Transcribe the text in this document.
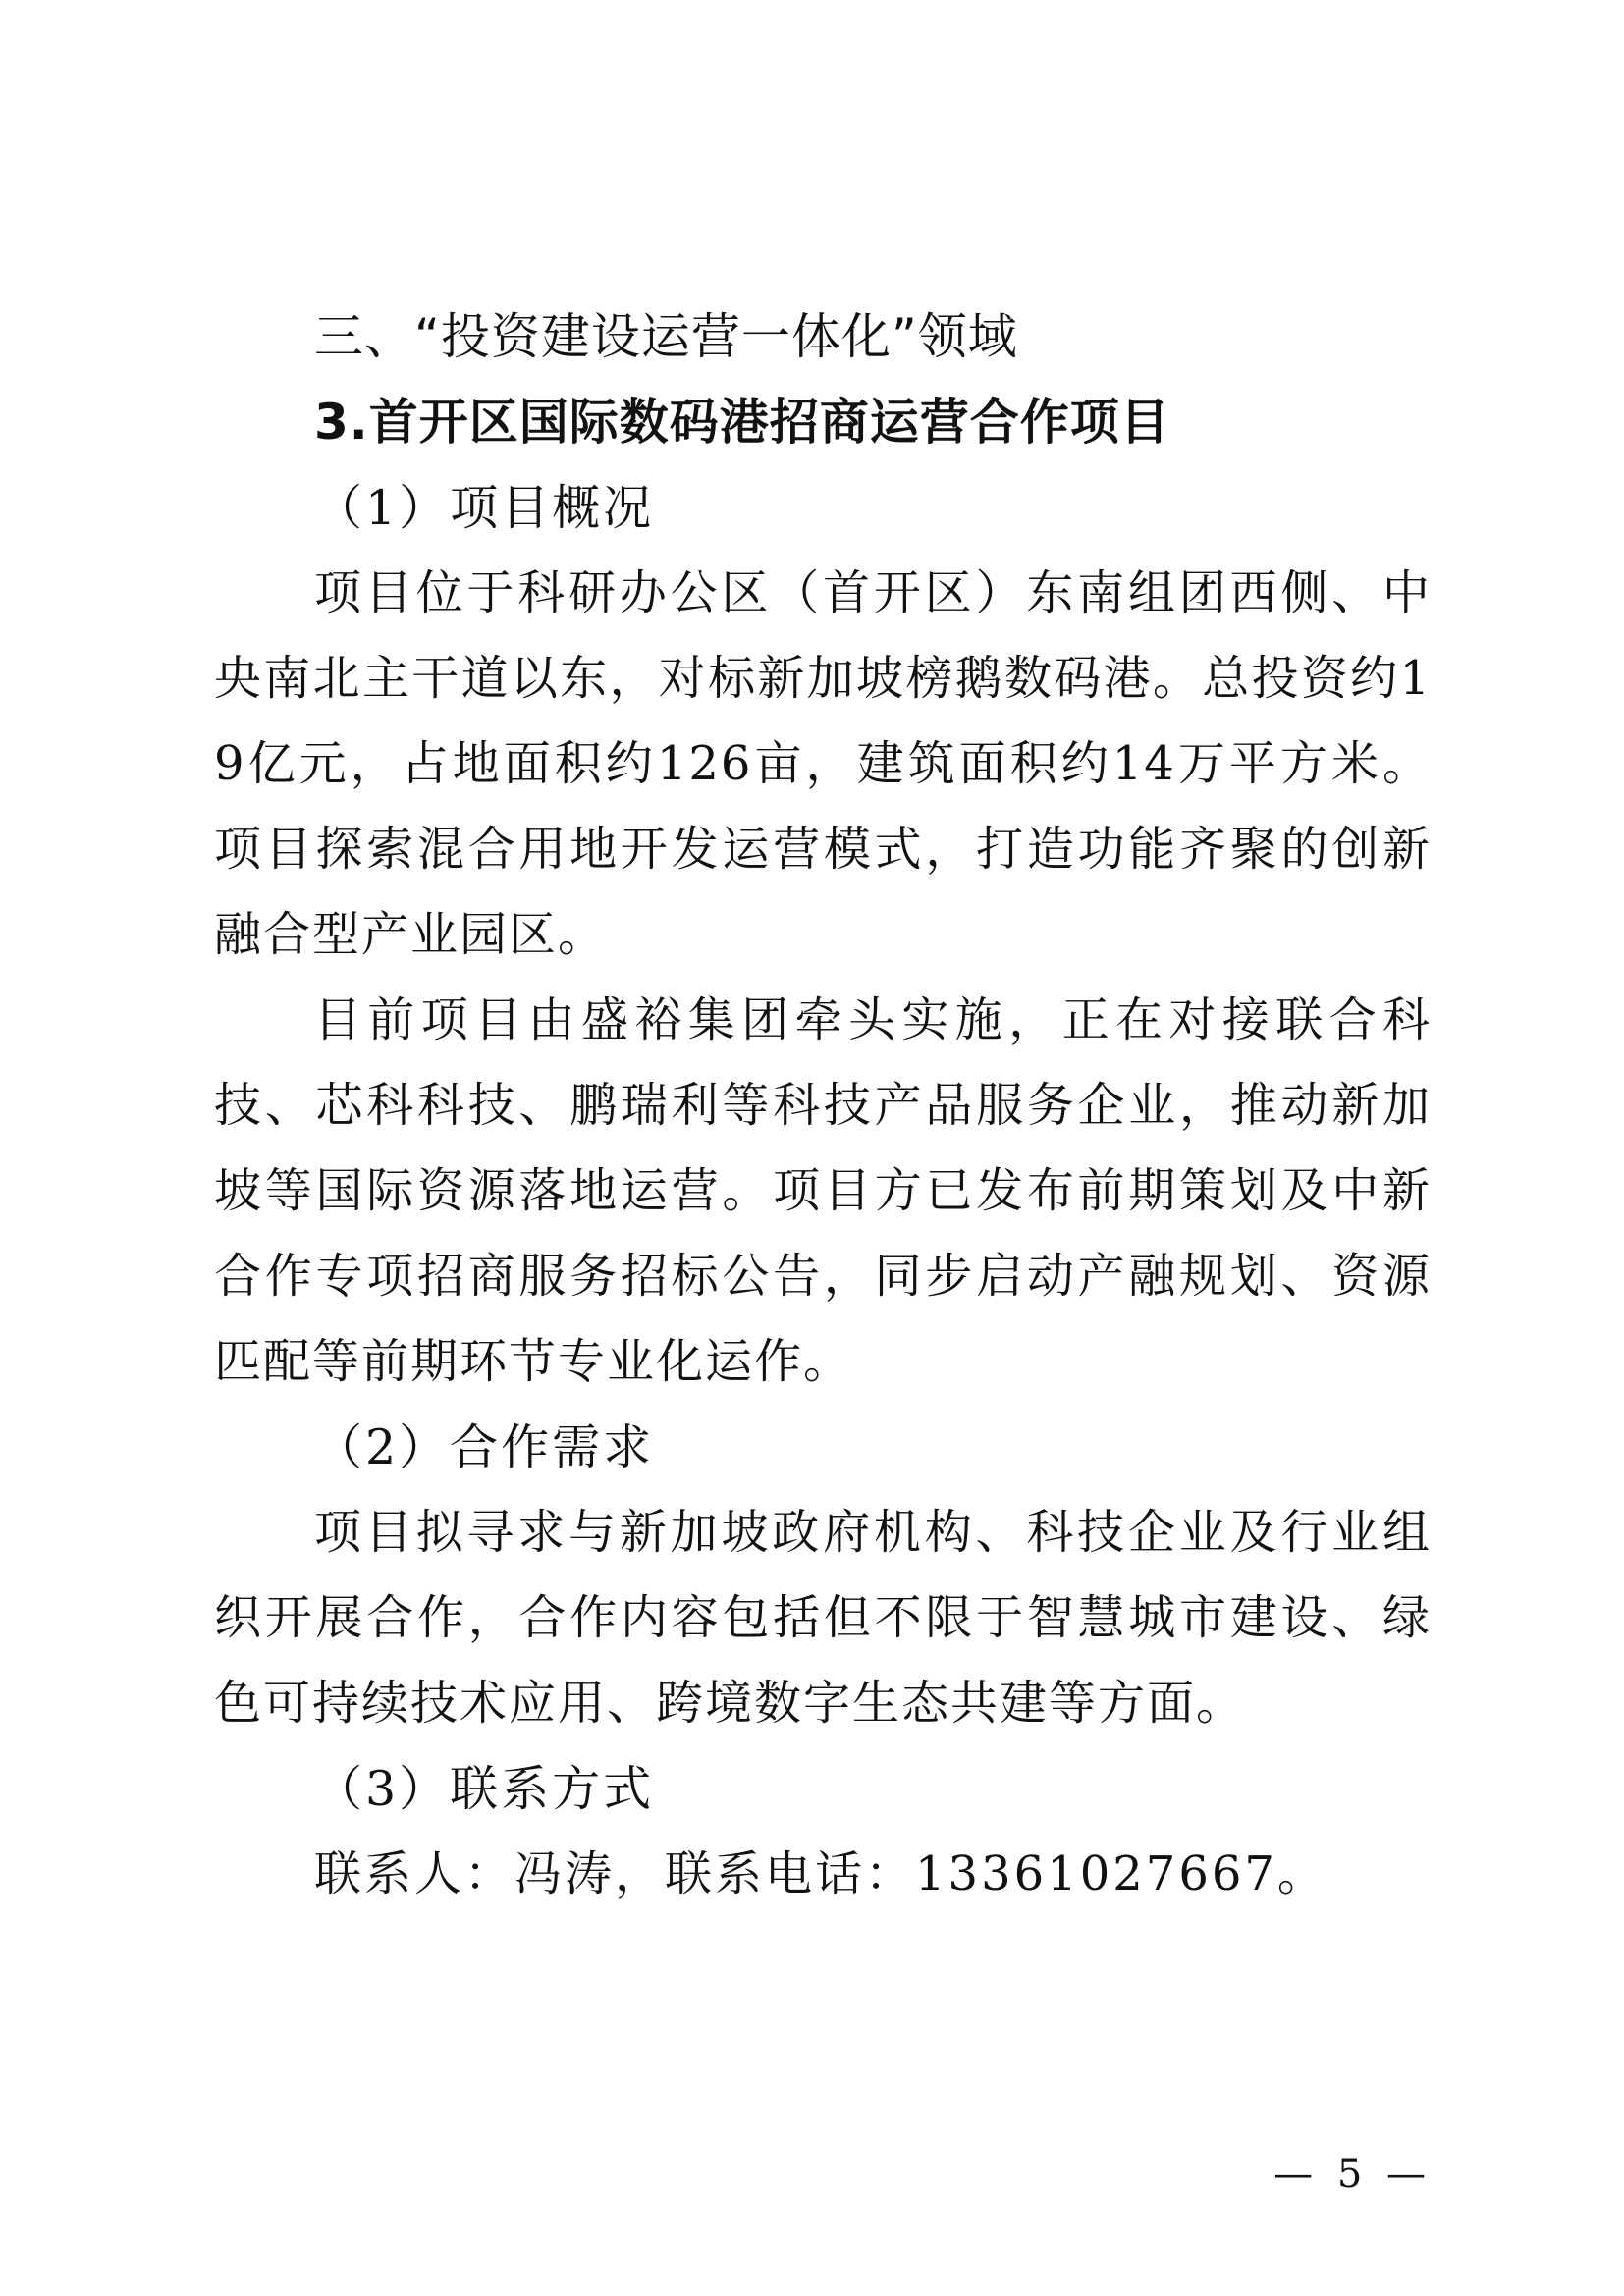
三、“投资建设运营一体化”领域
3.首开区国际数码港招商运营合作项目
（1）项目概况

项目位于科研办公区（首开区）东南组团西侧、中央南北主干道以东，对标新加坡榜鹅数码港。总投资约19亿元，占地面积约126亩，建筑面积约14万平方米。项目探索混合用地开发运营模式，打造功能齐聚的创新融合型产业园区。

目前项目由盛裕集团牵头实施，正在对接联合科技、芯科科技、鹏瑞利等科技产品服务企业，推动新加坡等国际资源落地运营。项目方已发布前期策划及中新合作专项招商服务招标公告，同步启动产融规划、资源匹配等前期环节专业化运作。

（2）合作需求

项目拟寻求与新加坡政府机构、科技企业及行业组织开展合作，合作内容包括但不限于智慧城市建设、绿色可持续技术应用、跨境数字生态共建等方面。

（3）联系方式
联系人：冯涛，联系电话：13361027667。
— 5 —
